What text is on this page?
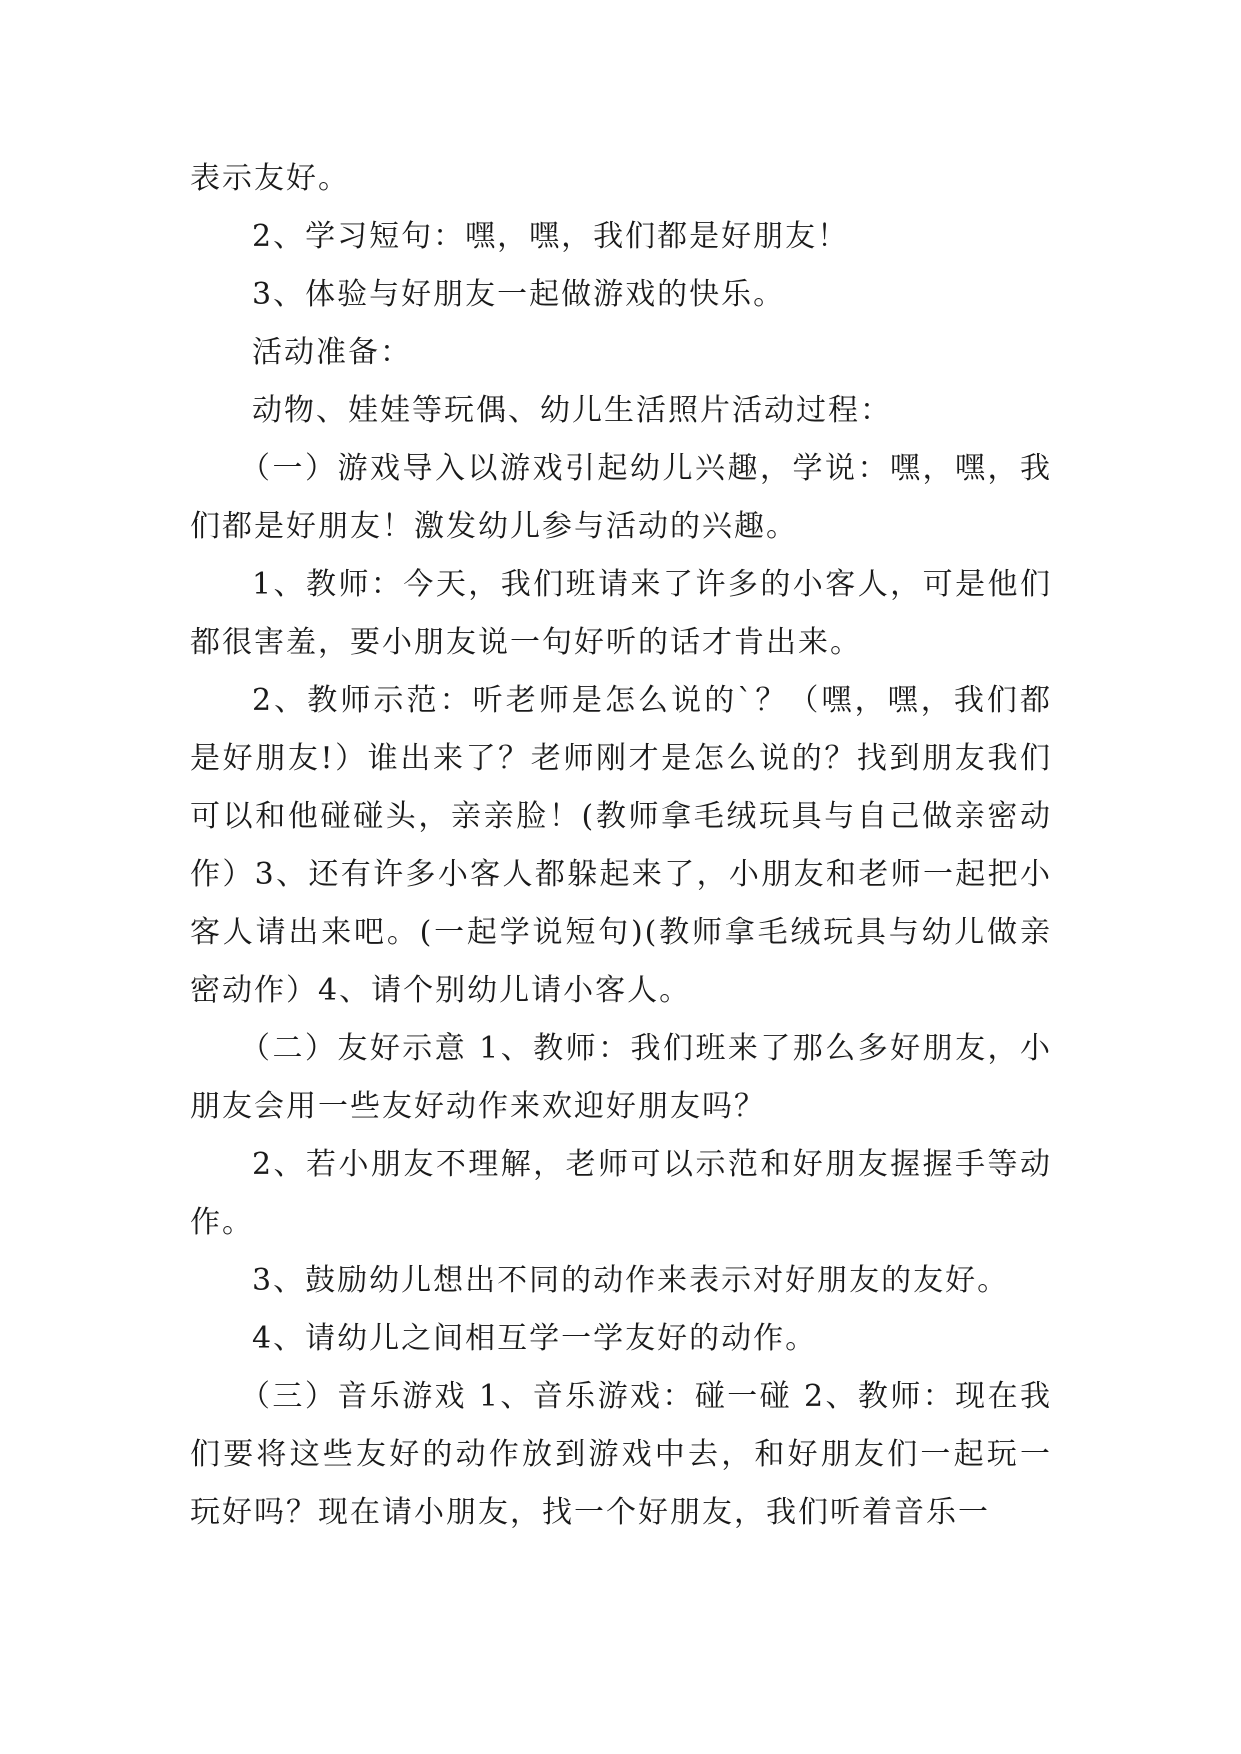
表示友好。

2、学习短句：嘿，嘿，我们都是好朋友！

3、体验与好朋友一起做游戏的快乐。

活动准备：

动物、娃娃等玩偶、幼儿生活照片活动过程：

（一）游戏导入以游戏引起幼儿兴趣，学说：嘿，嘿，我们都是好朋友！激发幼儿参与活动的兴趣。

1、教师：今天，我们班请来了许多的小客人，可是他们都很害羞，要小朋友说一句好听的话才肯出来。

2、教师示范：听老师是怎么说的`？（嘿，嘿，我们都是好朋友!）谁出来了？老师刚才是怎么说的？找到朋友我们可以和他碰碰头，亲亲脸！(教师拿毛绒玩具与自己做亲密动作）3、还有许多小客人都躲起来了，小朋友和老师一起把小客人请出来吧。(一起学说短句)(教师拿毛绒玩具与幼儿做亲密动作）4、请个别幼儿请小客人。

（二）友好示意 1、教师：我们班来了那么多好朋友，小朋友会用一些友好动作来欢迎好朋友吗？

2、若小朋友不理解，老师可以示范和好朋友握握手等动作。

3、鼓励幼儿想出不同的动作来表示对好朋友的友好。

4、请幼儿之间相互学一学友好的动作。

（三）音乐游戏 1、音乐游戏：碰一碰 2、教师：现在我们要将这些友好的动作放到游戏中去，和好朋友们一起玩一玩好吗？现在请小朋友，找一个好朋友，我们听着音乐一
